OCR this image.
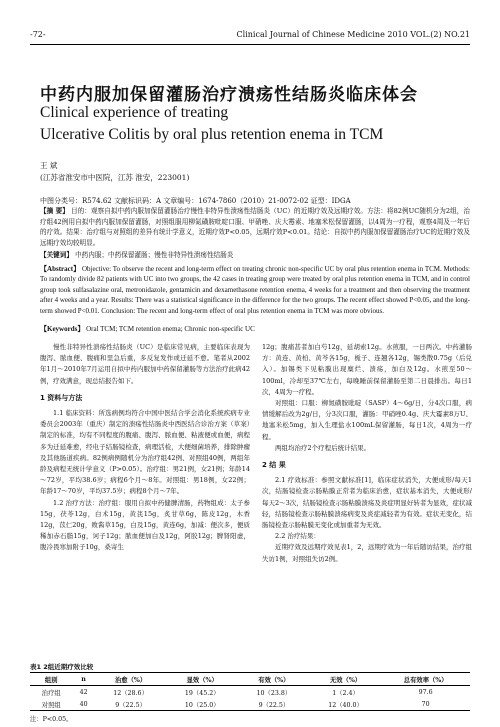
-72-	Clinical Journal of Chinese Medicine 2010 VOL.(2) NO.21
中药内服加保留灌肠治疗溃疡性结肠炎临床体会
Clinical experience of treating
Ulcerative Colitis by oral plus retention enema in TCM
王 斌
(江苏省淮安市中医院，江苏 淮安，223001)
中图分类号：R574.62 文献标识码：A 文章编号：1674-7860（2010）21-0072-02 证型：IDGA
【摘 要】 目的：观察自拟中药内服加保留灌肠治疗慢性非特异性溃疡性结肠炎（UC）的近期疗效及远期疗效。方法：将82例UC随机分为2组，治疗组42例用自拟中药内服加保留灌肠，对照组服用柳氮磺胺吡啶口服、甲硝唑、庆大霉素、地塞米松保留灌肠，以4周为一疗程，观察4周及一年后的疗效。结果：治疗组与对照组的差异有统计学意义，近期疗效P<0.05，远期疗效P<0.01。结论：自拟中药内服加保留灌肠治疗UC的近期疗效及远期疗效均较明显。
【关键词】 中药内服；中药保留灌肠；慢性非特异性溃疡性结肠炎
【Abstract】 Objective: To observe the recent and long-term effect on treating chronic non-specific UC by oral plus retention enema in TCM. Methods: To randomly divide 82 patients with UC into two groups, the 42 cases in treating group were treated by oral plus retention enema in TCM, and in control group took sulfasalazine oral, metronidazole, gentamicin and dexamethasone retention enema, 4 weeks for a treatment and then observing the treatment after 4 weeks and a year. Results: There was a statistical significance in the difference for the two groups. The recent effect showed P<0.05, and the long-term showed P<0.01. Conclusion: The recent and long-term effect of oral plus retention enema in TCM was more obvious.
【Keywords】 Oral TCM; TCM retention enema; Chronic non-specific UC

慢性非特异性溃疡性结肠炎（UC）是临床常见病，主要临床表现为腹泻、脓血便、腹痛和里急后重，多反复发作或迁延不愈。笔者从2002年1月～2010年7月运用自拟中药内服加中药保留灌肠等方法治疗此病42例，疗效满意，现总结报告如下。

1 资料与方法

1.1 临床资料：所选病例均符合中国中医结合学会消化系统疾病专业委员会2003年（重庆）制定的溃疡性结肠炎中西医结合诊治方案（草案）制定的标准，均有不同程度的腹痛、腹泻、脓血便、粘液便或血便，病程多为迁延难愈，经电子结肠镜检查，病理活检，大便细菌培养，排除肿瘤及其他肠道疾病。82例病例随机分为治疗组42例、对照组40例，两组年龄及病程无统计学意义（P>0.05）。治疗组：男21例，女21例；年龄14～72岁，平均38.6岁；病程6个月～8年。对照组：男18例，女22例；年龄17～70岁，平均37.5岁；病程8个月～7年。

1.2 治疗方法：治疗组：服用自拟中药健脾清肠，药物组成：太子参15g，茯苓12g，白术15g，黄芪15g，炙甘草6g，陈皮12g，木香12g，苡仁20g，败酱草15g，白及15g，黄连6g，加减：便次多，便质稀加赤石脂15g，诃子12g；脓血便加白及12g，阿胶12g；脾肾阳虚，腹冷畏寒加附子10g，桑寄生

12g；腹痛甚者加白芍12g，延胡索12g。水煎服，一日两次。中药灌肠方：黄连、黄柏、黄芩各15g，栀子、连翘各12g，锡类散0.75g（后兑入）。加锡类下见粘膜出现糜烂、溃疡，加白及12g。水煎至50～100ml，冷却至37℃左右，每晚睡前保留灌肠至第二日晨排出。每日1次，4周为一疗程。

对照组：口服：柳氮磺胺吡啶（SASP）4～6g/日，分4次口服，病情缓解后改为2g/日，分3次口服，灌肠：甲硝唑0.4g、庆大霉素8万U、地塞米松5mg，加入生理盐水100mL保留灌肠，每日1次，4周为一疗程。

两组均治疗2个疗程后统计结果。

2 结 果

2.1 疗效标准：参照文献标准[1]，临床症状消失，大便成形/每天1次，结肠镜检查示肠粘膜正常者为临床治愈，症状基本消失，大便成形/每天2～3次，结肠镜检查示肠粘膜溃疡及炎症明显好转者为显效，症状减轻，结肠镜检查示肠粘膜溃疡病变及炎症减轻者为有效。症状无变化，结肠镜检查示肠粘膜无变化或加重者为无效。

2.2 治疗结果：

近期疗效及远期疗效见表1，2，远期疗效为一年后随访结果，治疗组失访1例，对照组失访2例。

表1 2组近期疗效比较
组别	n	治愈（%）	显效（%）	有效（%）	无效（%）	总有效率（%）
治疗组	42	12（28.6）	19（45.2）	10（23.8）	1（2.4）	97.6
对照组	40	9（22.5）	10（25.0）	9（22.5）	12（40.0）	70
注：P<0.05。
